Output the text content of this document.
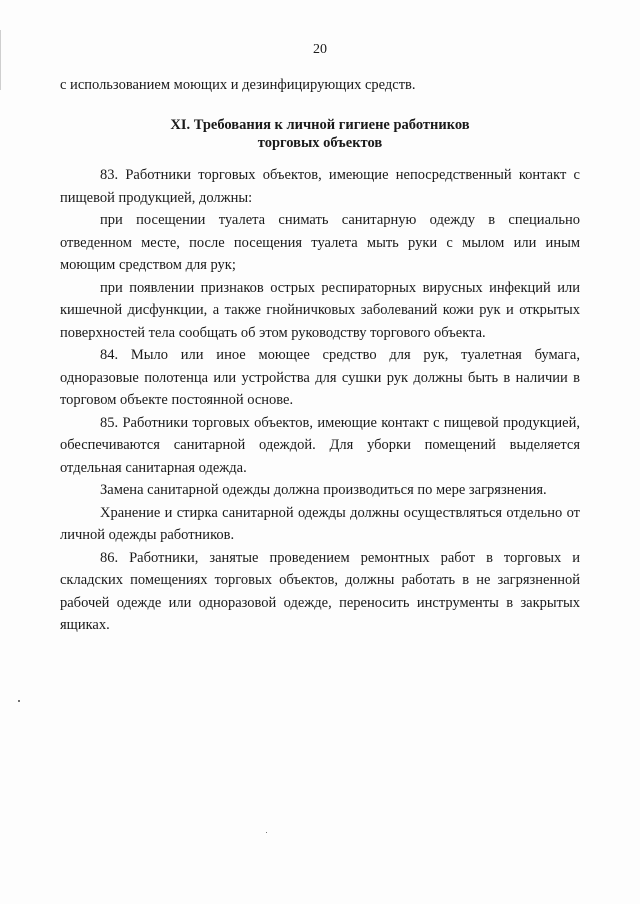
20

с использованием моющих и дезинфицирующих средств.

XI. Требования к личной гигиене работников
торговых объектов

83. Работники торговых объектов, имеющие непосредственный контакт с пищевой продукцией, должны:

при посещении туалета снимать санитарную одежду в специально отведенном месте, после посещения туалета мыть руки с мылом или иным моющим средством для рук;

при появлении признаков острых респираторных вирусных инфекций или кишечной дисфункции, а также гнойничковых заболеваний кожи рук и открытых поверхностей тела сообщать об этом руководству торгового объекта.

84. Мыло или иное моющее средство для рук, туалетная бумага, одноразовые полотенца или устройства для сушки рук должны быть в наличии в торговом объекте постоянной основе.

85. Работники торговых объектов, имеющие контакт с пищевой продукцией, обеспечиваются санитарной одеждой. Для уборки помещений выделяется отдельная санитарная одежда.

Замена санитарной одежды должна производиться по мере загрязнения.

Хранение и стирка санитарной одежды должны осуществляться отдельно от личной одежды работников.

86. Работники, занятые проведением ремонтных работ в торговых и складских помещениях торговых объектов, должны работать в не загрязненной рабочей одежде или одноразовой одежде, переносить инструменты в закрытых ящиках.
